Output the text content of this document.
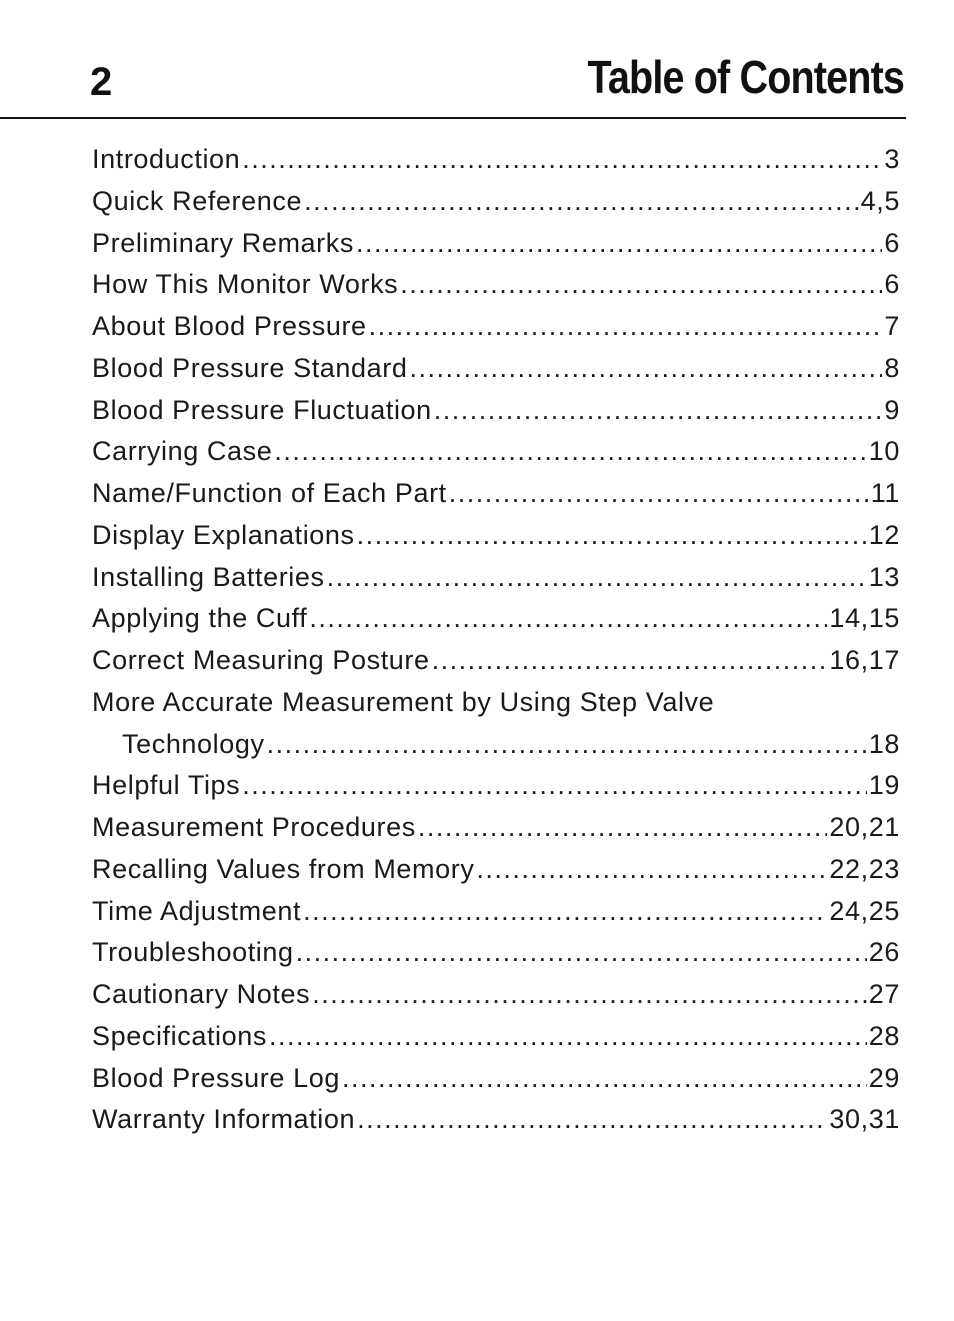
2	Table of Contents
Introduction .....	3
Quick Reference .....	4,5
Preliminary Remarks .....	6
How This Monitor Works .....	6
About Blood Pressure .....	7
Blood Pressure Standard .....	8
Blood Pressure Fluctuation .....	9
Carrying Case .....	10
Name/Function of Each Part .....	11
Display Explanations .....	12
Installing Batteries .....	13
Applying the Cuff .....	14,15
Correct Measuring Posture .....	16,17
More Accurate Measurement by Using Step Valve
Technology .....	18
Helpful Tips .....	19
Measurement Procedures .....	20,21
Recalling Values from Memory .....	22,23
Time Adjustment .....	24,25
Troubleshooting .....	26
Cautionary Notes .....	27
Specifications .....	28
Blood Pressure Log .....	29
Warranty Information .....	30,31
